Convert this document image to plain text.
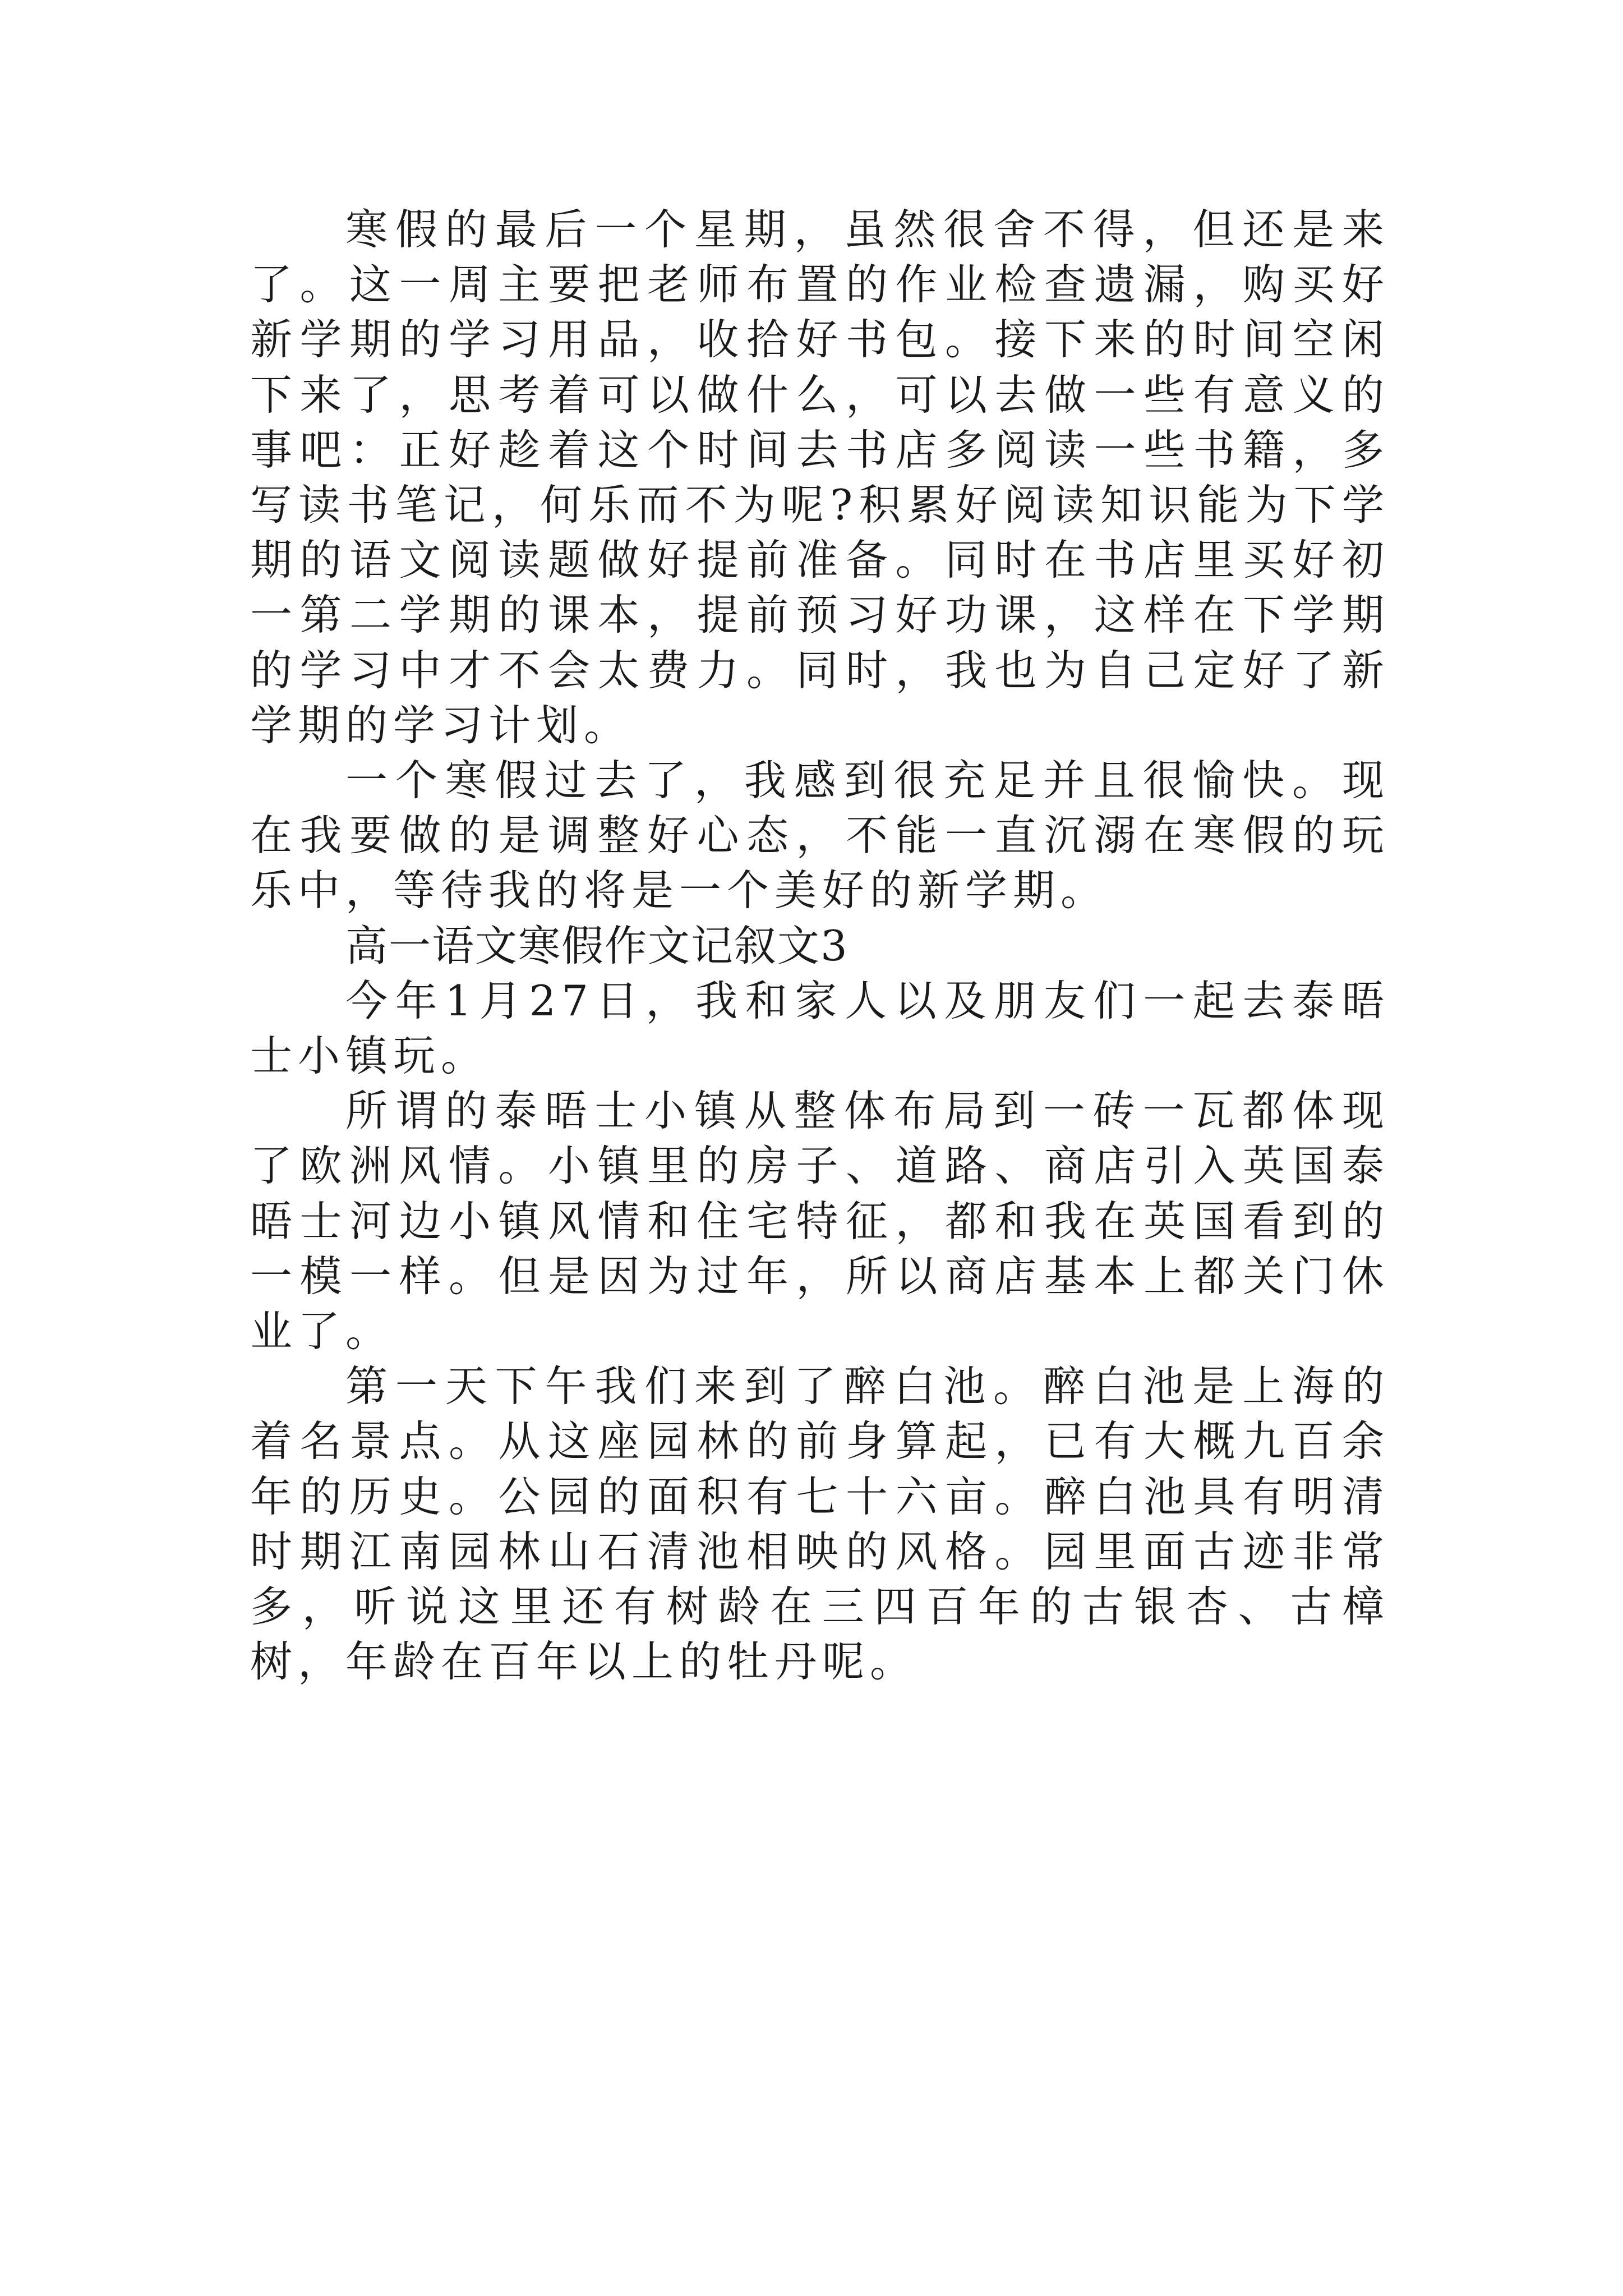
寒假的最后一个星期，虽然很舍不得，但还是来了。这一周主要把老师布置的作业检查遗漏，购买好新学期的学习用品，收拾好书包。接下来的时间空闲下来了，思考着可以做什么，可以去做一些有意义的事吧：正好趁着这个时间去书店多阅读一些书籍，多写读书笔记，何乐而不为呢?积累好阅读知识能为下学期的语文阅读题做好提前准备。同时在书店里买好初一第二学期的课本，提前预习好功课，这样在下学期的学习中才不会太费力。同时，我也为自己定好了新学期的学习计划。

一个寒假过去了，我感到很充足并且很愉快。现在我要做的是调整好心态，不能一直沉溺在寒假的玩乐中，等待我的将是一个美好的新学期。

高一语文寒假作文记叙文3

今年1月27日，我和家人以及朋友们一起去泰晤士小镇玩。

所谓的泰晤士小镇从整体布局到一砖一瓦都体现了欧洲风情。小镇里的房子、道路、商店引入英国泰晤士河边小镇风情和住宅特征，都和我在英国看到的一模一样。但是因为过年，所以商店基本上都关门休业了。

第一天下午我们来到了醉白池。醉白池是上海的着名景点。从这座园林的前身算起，已有大概九百余年的历史。公园的面积有七十六亩。醉白池具有明清时期江南园林山石清池相映的风格。园里面古迹非常多，听说这里还有树龄在三四百年的古银杏、古樟树，年龄在百年以上的牡丹呢。
